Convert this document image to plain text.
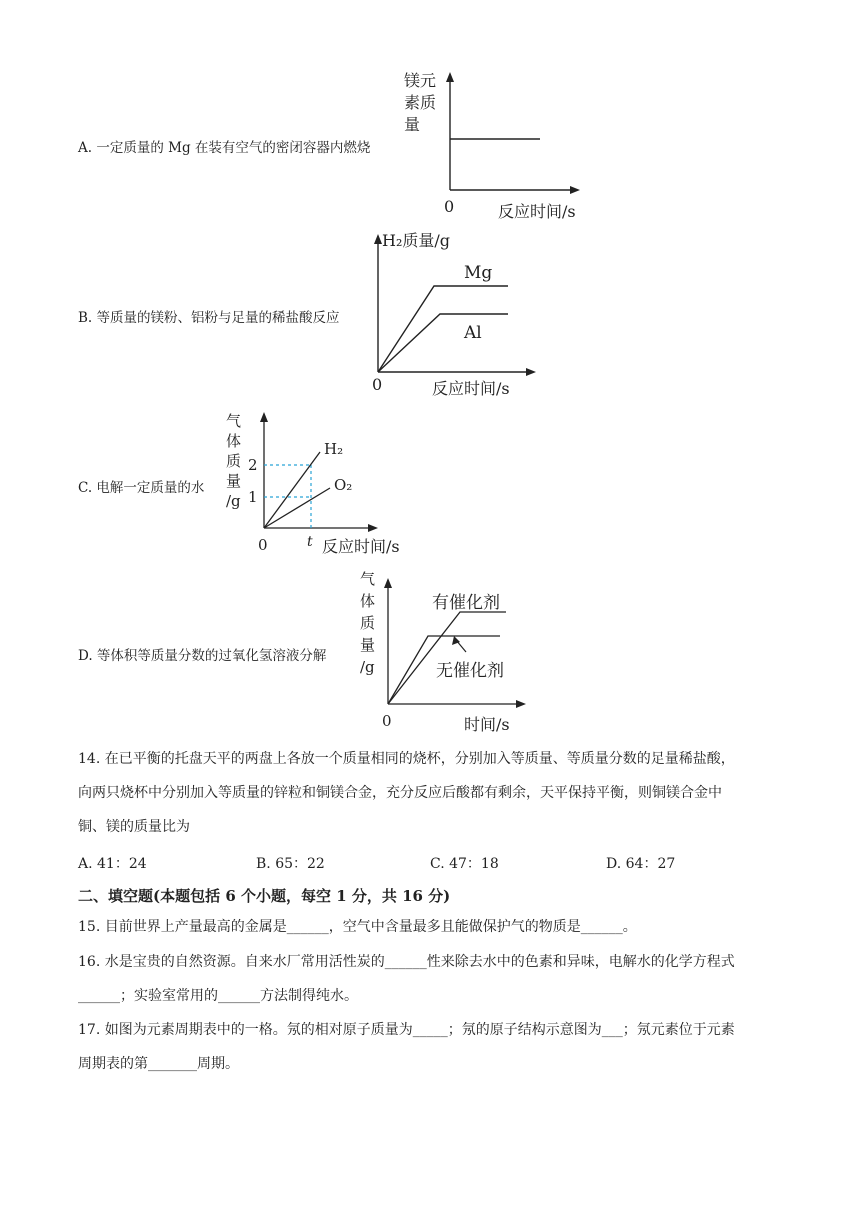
A. 一定质量的 Mg 在装有空气的密闭容器内燃烧
镁元
素质
量
0	反应时间/s
B. 等质量的镁粉、铝粉与足量的稀盐酸反应
H₂质量/g
Mg
Al
0	反应时间/s
C. 电解一定质量的水
气
体
质
量
/g
2
1
H₂
O₂
0	t 反应时间/s
D. 等体积等质量分数的过氧化氢溶液分解
气
体
质
量
/g
有催化剂
无催化剂
0	时间/s
14. 在已平衡的托盘天平的两盘上各放一个质量相同的烧杯，分别加入等质量、等质量分数的足量稀盐酸，
向两只烧杯中分别加入等质量的锌粒和铜镁合金，充分反应后酸都有剩余，天平保持平衡，则铜镁合金中
铜、镁的质量比为
A. 41：24	B. 65：22	C. 47：18	D. 64：27
二、填空题(本题包括 6 个小题，每空 1 分，共 16 分)
15. 目前世界上产量最高的金属是______，空气中含量最多且能做保护气的物质是______。
16. 水是宝贵的自然资源。自来水厂常用活性炭的______性来除去水中的色素和异味，电解水的化学方程式
______；实验室常用的______方法制得纯水。
17. 如图为元素周期表中的一格。氖的相对原子质量为_____；氖的原子结构示意图为___；氖元素位于元素
周期表的第_______周期。
